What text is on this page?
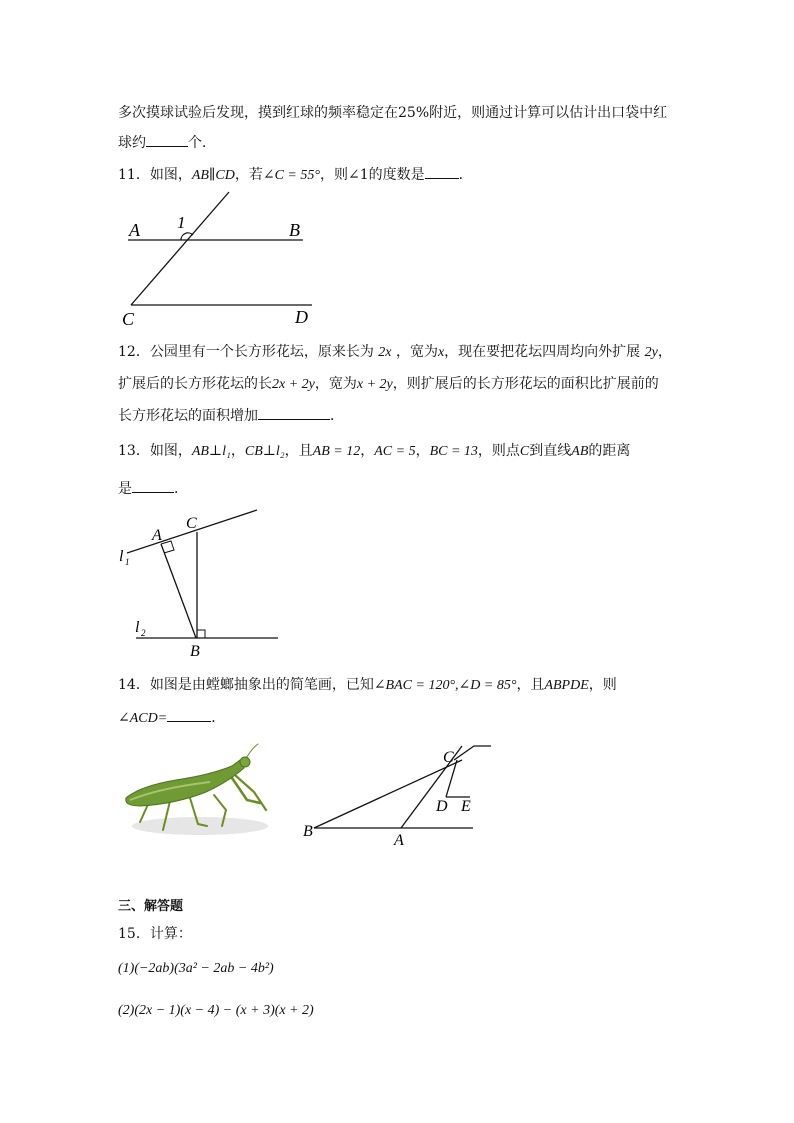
多次摸球试验后发现，摸到红球的频率稳定在25%附近，则通过计算可以估计出口袋中红
球约	个．
11．如图，AB∥CD，若∠C = 55°，则∠1的度数是 ．
A 1	B
C	D
12．公园里有一个长方形花坛，原来长为 2x ，宽为x，现在要把花坛四周均向外扩展 2y，
扩展后的长方形花坛的长2x + 2y，宽为x + 2y，则扩展后的长方形花坛的面积比扩展前的
长方形花坛的面积增加	．
13．如图，AB⊥l₁，CB⊥l₂，且AB = 12，AC = 5，BC = 13，则点C到直线AB的距离
是	．
A
C
l 1
l 2
B
14．如图是由螳螂抽象出的简笔画，已知∠BAC = 120°,∠D = 85°，且ABPDE，则
∠ACD=	．
C
D E
B
A
三、解答题
15．计算：
(1)(−2ab)(3a² − 2ab − 4b²)
(2)(2x − 1)(x − 4) − (x + 3)(x + 2)
